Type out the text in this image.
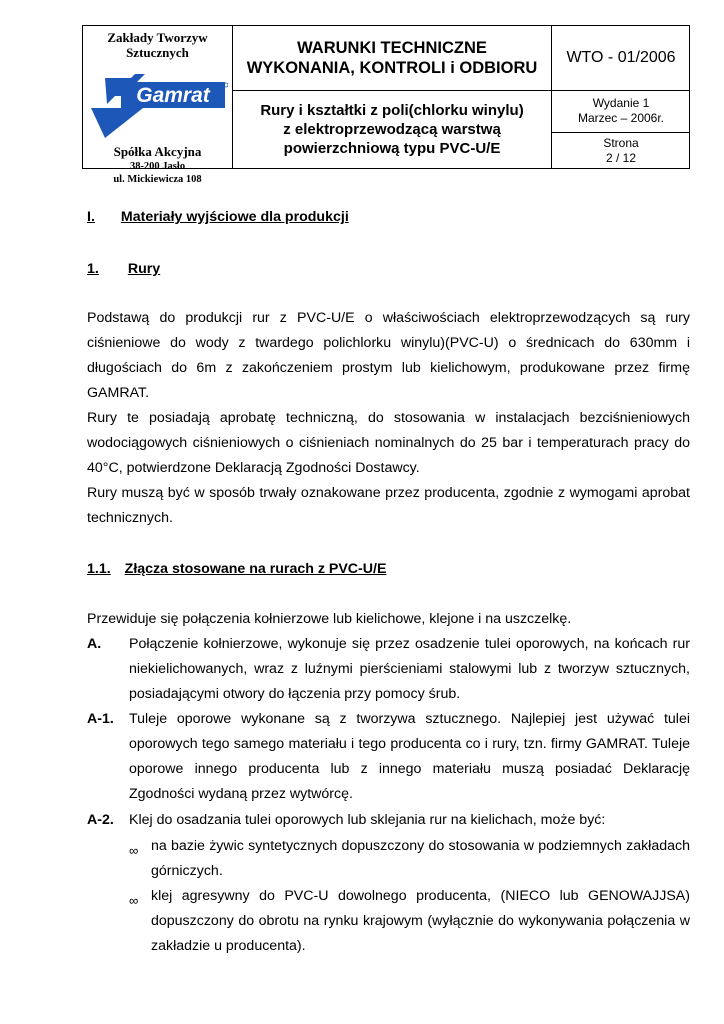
Zakłady Tworzyw
Sztucznych
Gamrat
Spółka Akcyjna
38-200 Jasło
ul. Mickiewicza 108
WARUNKI TECHNICZNE
WYKONANIA, KONTROLI i ODBIORU
Rury i kształtki z poli(chlorku winylu)
z elektroprzewodzącą warstwą
powierzchniową typu PVC-U/E
WTO - 01/2006
Wydanie 1
Marzec – 2006r.
Strona
2 / 12
I. Materiały wyjściowe dla produkcji
1. Rury
Podstawą do produkcji rur z PVC-U/E o właściwościach elektroprzewodzących są rury ciśnieniowe do wody z twardego polichlorku winylu)(PVC-U) o średnicach do 630mm i długościach do 6m z zakończeniem prostym lub kielichowym, produkowane przez firmę GAMRAT.
Rury te posiadają aprobatę techniczną, do stosowania w instalacjach bezciśnieniowych wodociągowych ciśnieniowych o ciśnieniach nominalnych do 25 bar i temperaturach pracy do 40°C, potwierdzone Deklaracją Zgodności Dostawcy.
Rury muszą być w sposób trwały oznakowane przez producenta, zgodnie z wymogami aprobat technicznych.
1.1. Złącza stosowane na rurach z PVC-U/E
Przewiduje się połączenia kołnierzowe lub kielichowe, klejone i na uszczelkę.
A. Połączenie kołnierzowe, wykonuje się przez osadzenie tulei oporowych, na końcach rur niekielichowanych, wraz z luźnymi pierścieniami stalowymi lub z tworzyw sztucznych, posiadającymi otwory do łączenia przy pomocy śrub.
A-1. Tuleje oporowe wykonane są z tworzywa sztucznego. Najlepiej jest używać tulei oporowych tego samego materiału i tego producenta co i rury, tzn. firmy GAMRAT. Tuleje oporowe innego producenta lub z innego materiału muszą posiadać Deklarację Zgodności wydaną przez wytwórcę.
A-2. Klej do osadzania tulei oporowych lub sklejania rur na kielichach, może być:
∞ na bazie żywic syntetycznych dopuszczony do stosowania w podziemnych zakładach górniczych.
∞ klej agresywny do PVC-U dowolnego producenta, (NIECO lub GENOWAJJSA) dopuszczony do obrotu na rynku krajowym (wyłącznie do wykonywania połączenia w zakładzie u producenta).
